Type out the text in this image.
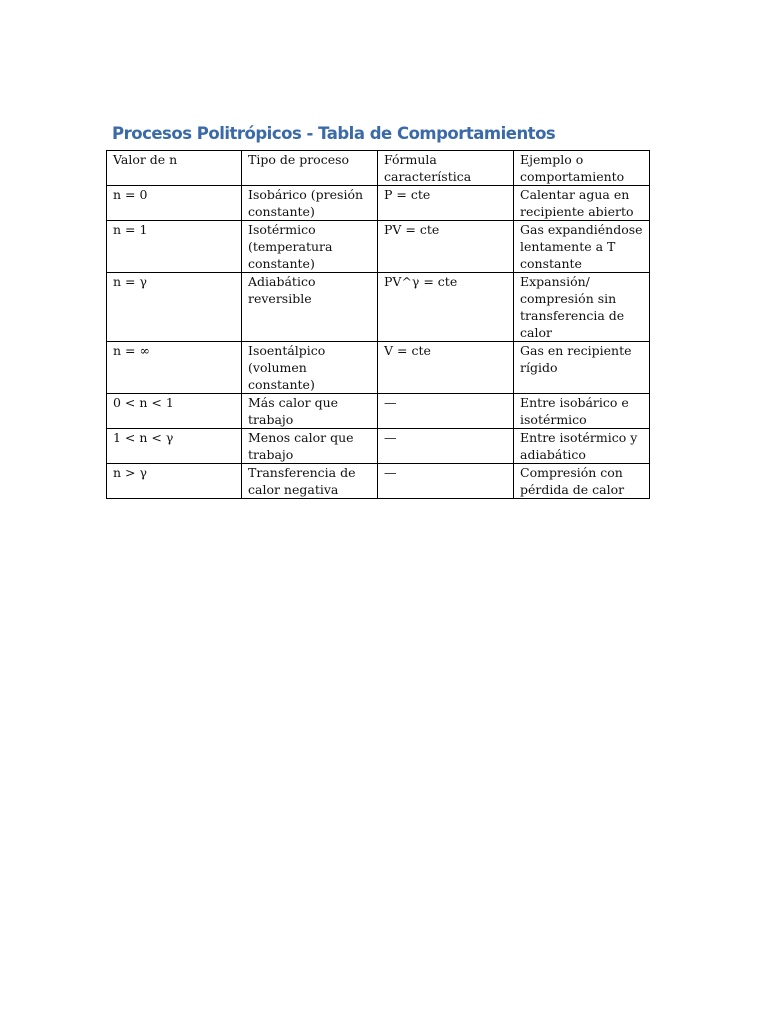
Procesos Politrópicos - Tabla de Comportamientos
Valor de n	Tipo de proceso	Fórmula característica	Ejemplo o comportamiento
n = 0	Isobárico (presión constante)	P = cte	Calentar agua en recipiente abierto
n = 1	Isotérmico (temperatura constante)	PV = cte	Gas expandiéndose lentamente a T constante
n = γ	Adiabático reversible	PV^γ = cte	Expansión/ compresión sin transferencia de calor
n = ∞	Isoentálpico (volumen constante)	V = cte	Gas en recipiente rígido
0 < n < 1	Más calor que trabajo	—	Entre isobárico e isotérmico
1 < n < γ	Menos calor que trabajo	—	Entre isotérmico y adiabático
n > γ	Transferencia de calor negativa	—	Compresión con pérdida de calor
